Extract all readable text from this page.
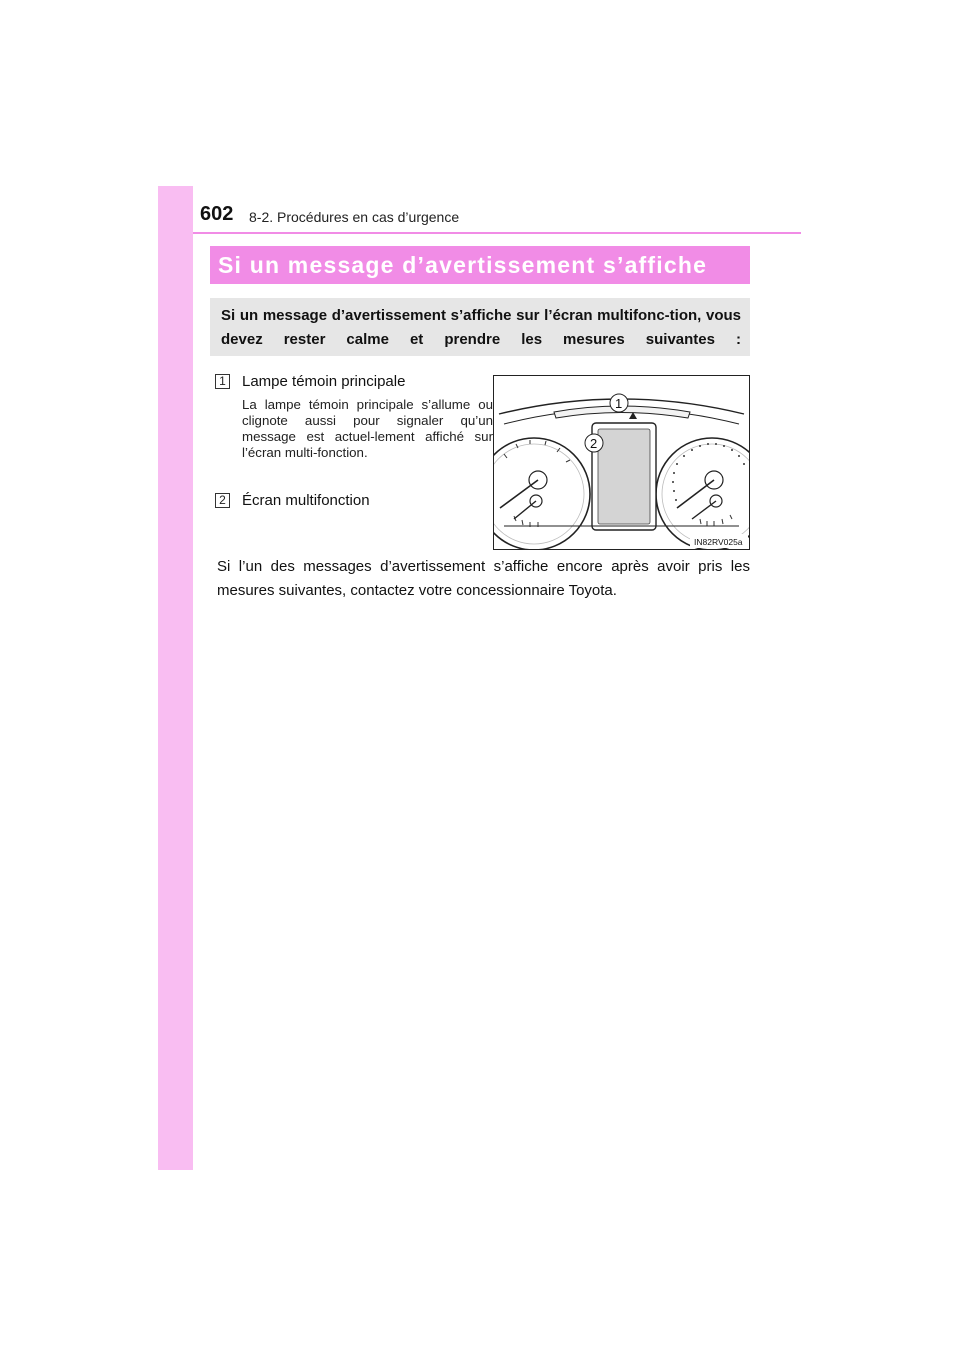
602 8-2. Procédures en cas d’urgence
Si un message d’avertissement s’affiche
Si un message d’avertissement s’affiche sur l’écran multifonc-tion, vous devez rester calme et prendre les mesures suivantes :
1 Lampe témoin principale
La lampe témoin principale s’allume ou clignote aussi pour signaler qu’un message est actuel-lement affiché sur l’écran multi-fonction.
2 Écran multifonction
1
2
IN82RV025a
Si l’un des messages d’avertissement s’affiche encore après avoir pris les mesures suivantes, contactez votre concessionnaire Toyota.
